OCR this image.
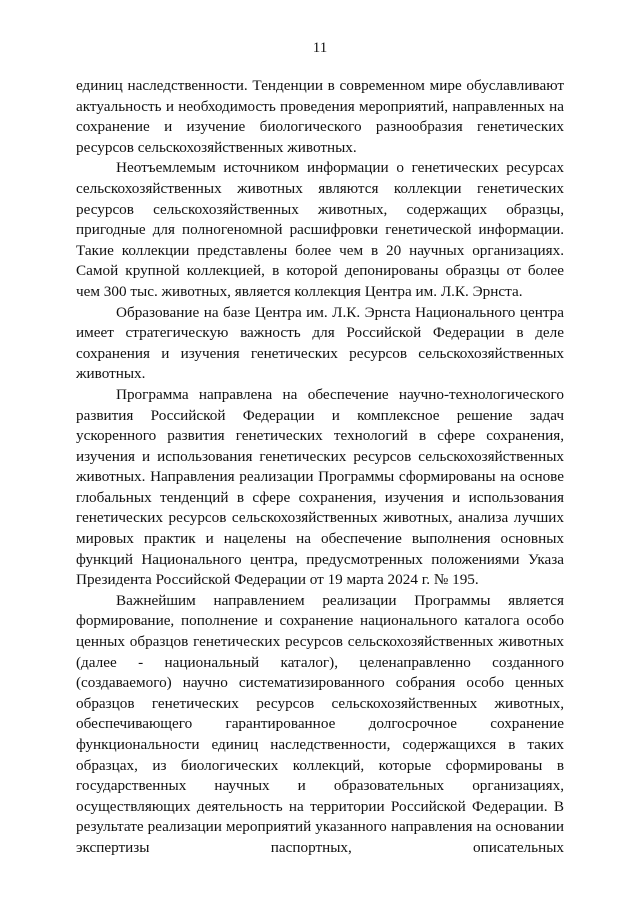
11

единиц наследственности. Тенденции в современном мире обуславливают актуальность и необходимость проведения мероприятий, направленных на сохранение и изучение биологического разнообразия генетических ресурсов сельскохозяйственных животных.

Неотъемлемым источником информации о генетических ресурсах сельскохозяйственных животных являются коллекции генетических ресурсов сельскохозяйственных животных, содержащих образцы, пригодные для полногеномной расшифровки генетической информации. Такие коллекции представлены более чем в 20 научных организациях. Самой крупной коллекцией, в которой депонированы образцы от более чем 300 тыс. животных, является коллекция Центра им. Л.К. Эрнста.

Образование на базе Центра им. Л.К. Эрнста Национального центра имеет стратегическую важность для Российской Федерации в деле сохранения и изучения генетических ресурсов сельскохозяйственных животных.

Программа направлена на обеспечение научно-технологического развития Российской Федерации и комплексное решение задач ускоренного развития генетических технологий в сфере сохранения, изучения и использования генетических ресурсов сельскохозяйственных животных. Направления реализации Программы сформированы на основе глобальных тенденций в сфере сохранения, изучения и использования генетических ресурсов сельскохозяйственных животных, анализа лучших мировых практик и нацелены на обеспечение выполнения основных функций Национального центра, предусмотренных положениями Указа Президента Российской Федерации от 19 марта 2024 г. № 195.

Важнейшим направлением реализации Программы является формирование, пополнение и сохранение национального каталога особо ценных образцов генетических ресурсов сельскохозяйственных животных (далее - национальный каталог), целенаправленно созданного (создаваемого) научно систематизированного собрания особо ценных образцов генетических ресурсов сельскохозяйственных животных, обеспечивающего гарантированное долгосрочное сохранение функциональности единиц наследственности, содержащихся в таких образцах, из биологических коллекций, которые сформированы в государственных научных и образовательных организациях, осуществляющих деятельность на территории Российской Федерации. В результате реализации мероприятий указанного направления на основании экспертизы паспортных, описательных
